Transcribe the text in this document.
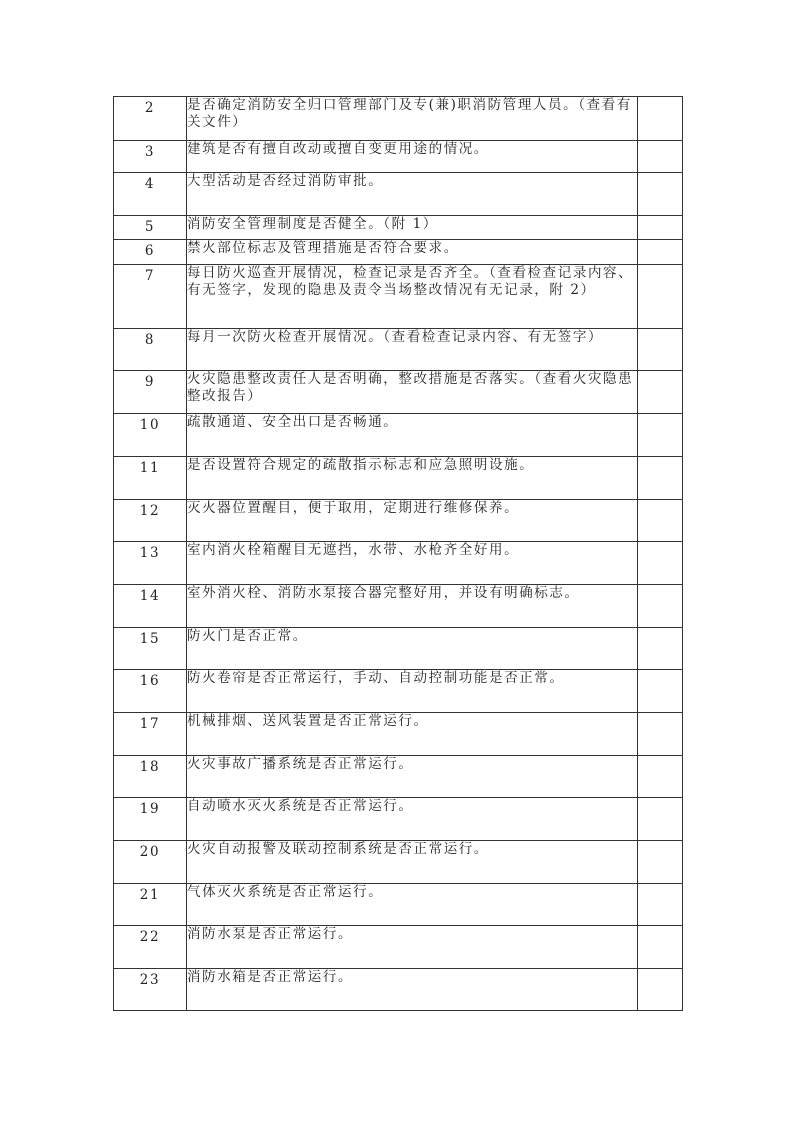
2	是否确定消防安全归口管理部门及专(兼)职消防管理人员。（查看有关文件）	
3	建筑是否有擅自改动或擅自变更用途的情况。	
4	大型活动是否经过消防审批。	
5	消防安全管理制度是否健全。（附 1）	
6	禁火部位标志及管理措施是否符合要求。	
7	每日防火巡查开展情况，检查记录是否齐全。（查看检查记录内容、有无签字，发现的隐患及责令当场整改情况有无记录，附 2）	
8	每月一次防火检查开展情况。（查看检查记录内容、有无签字）	
9	火灾隐患整改责任人是否明确，整改措施是否落实。（查看火灾隐患整改报告）	
10	疏散通道、安全出口是否畅通。	
11	是否设置符合规定的疏散指示标志和应急照明设施。	
12	灭火器位置醒目，便于取用，定期进行维修保养。	
13	室内消火栓箱醒目无遮挡，水带、水枪齐全好用。	
14	室外消火栓、消防水泵接合器完整好用，并设有明确标志。	
15	防火门是否正常。	
16	防火卷帘是否正常运行，手动、自动控制功能是否正常。	
17	机械排烟、送风装置是否正常运行。	
18	火灾事故广播系统是否正常运行。	
19	自动喷水灭火系统是否正常运行。	
20	火灾自动报警及联动控制系统是否正常运行。	
21	气体灭火系统是否正常运行。	
22	消防水泵是否正常运行。	
23	消防水箱是否正常运行。	
